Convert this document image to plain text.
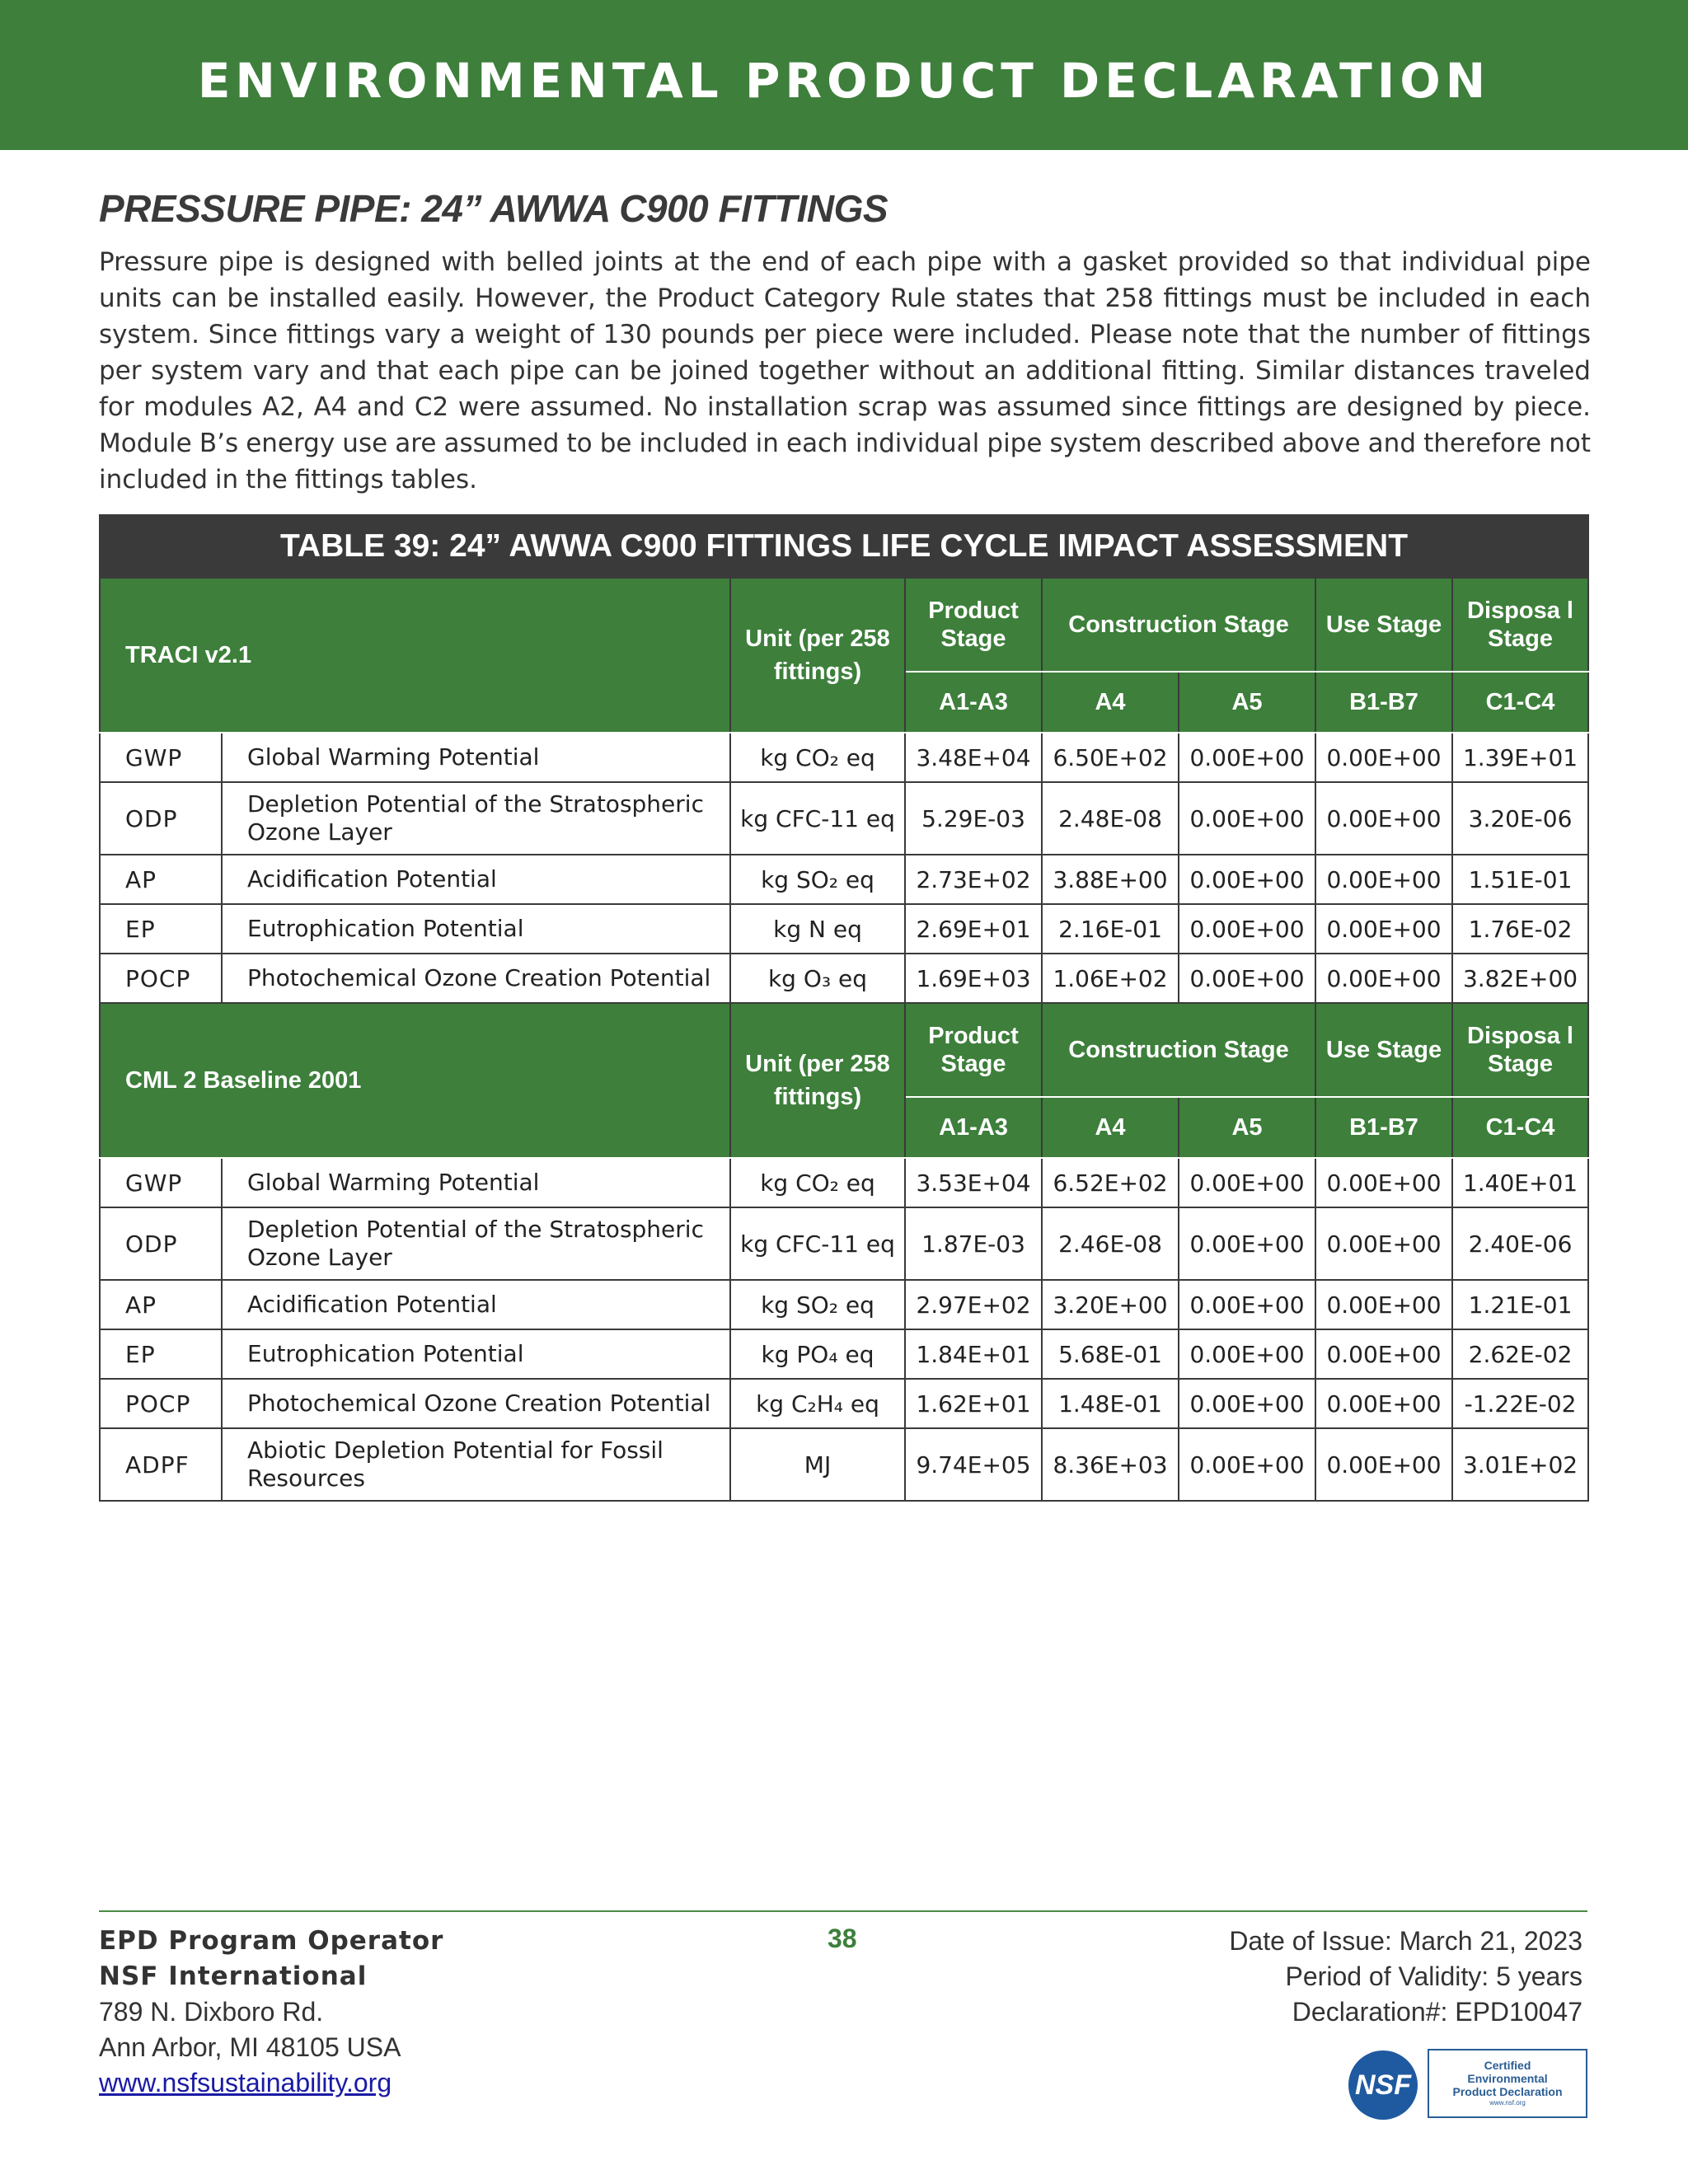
ENVIRONMENTAL PRODUCT DECLARATION
PRESSURE PIPE: 24” AWWA C900 FITTINGS
Pressure pipe is designed with belled joints at the end of each pipe with a gasket provided so that individual pipe units can be installed easily. However, the Product Category Rule states that 258 fittings must be included in each system. Since fittings vary a weight of 130 pounds per piece were included. Please note that the number of fittings per system vary and that each pipe can be joined together without an additional fitting. Similar distances traveled for modules A2, A4 and C2 were assumed. No installation scrap was assumed since fittings are designed by piece. Module B’s energy use are assumed to be included in each individual pipe system described above and therefore not included in the fittings tables.
TABLE 39: 24” AWWA C900 FITTINGS LIFE CYCLE IMPACT ASSESSMENT							
TRACI v2.1		Unit (per 258 fittings)	Product Stage	Construction Stage		Use Stage	Disposa l Stage
			A1-A3	A4	A5	B1-B7	C1-C4
GWP	Global Warming Potential	kg CO₂ eq	3.48E+04	6.50E+02	0.00E+00	0.00E+00	1.39E+01
ODP	Depletion Potential of the Stratospheric Ozone Layer	kg CFC-11 eq	5.29E-03	2.48E-08	0.00E+00	0.00E+00	3.20E-06
AP	Acidification Potential	kg SO₂ eq	2.73E+02	3.88E+00	0.00E+00	0.00E+00	1.51E-01
EP	Eutrophication Potential	kg N eq	2.69E+01	2.16E-01	0.00E+00	0.00E+00	1.76E-02
POCP	Photochemical Ozone Creation Potential	kg O₃ eq	1.69E+03	1.06E+02	0.00E+00	0.00E+00	3.82E+00
CML 2 Baseline 2001		Unit (per 258 fittings)	Product Stage	Construction Stage		Use Stage	Disposa l Stage
			A1-A3	A4	A5	B1-B7	C1-C4
GWP	Global Warming Potential	kg CO₂ eq	3.53E+04	6.52E+02	0.00E+00	0.00E+00	1.40E+01
ODP	Depletion Potential of the Stratospheric Ozone Layer	kg CFC-11 eq	1.87E-03	2.46E-08	0.00E+00	0.00E+00	2.40E-06
AP	Acidification Potential	kg SO₂ eq	2.97E+02	3.20E+00	0.00E+00	0.00E+00	1.21E-01
EP	Eutrophication Potential	kg PO₄ eq	1.84E+01	5.68E-01	0.00E+00	0.00E+00	2.62E-02
POCP	Photochemical Ozone Creation Potential	kg C₂H₄ eq	1.62E+01	1.48E-01	0.00E+00	0.00E+00	-1.22E-02
ADPF	Abiotic Depletion Potential for Fossil Resources	MJ	9.74E+05	8.36E+03	0.00E+00	0.00E+00	3.01E+02
EPD Program Operator
NSF International
789 N. Dixboro Rd.
Ann Arbor, MI 48105 USA
www.nsfsustainability.org
38	Date of Issue: March 21, 2023
Period of Validity: 5 years
Declaration#: EPD10047
NSF
Certified
Environmental
Product Declaration
www.nsf.org
